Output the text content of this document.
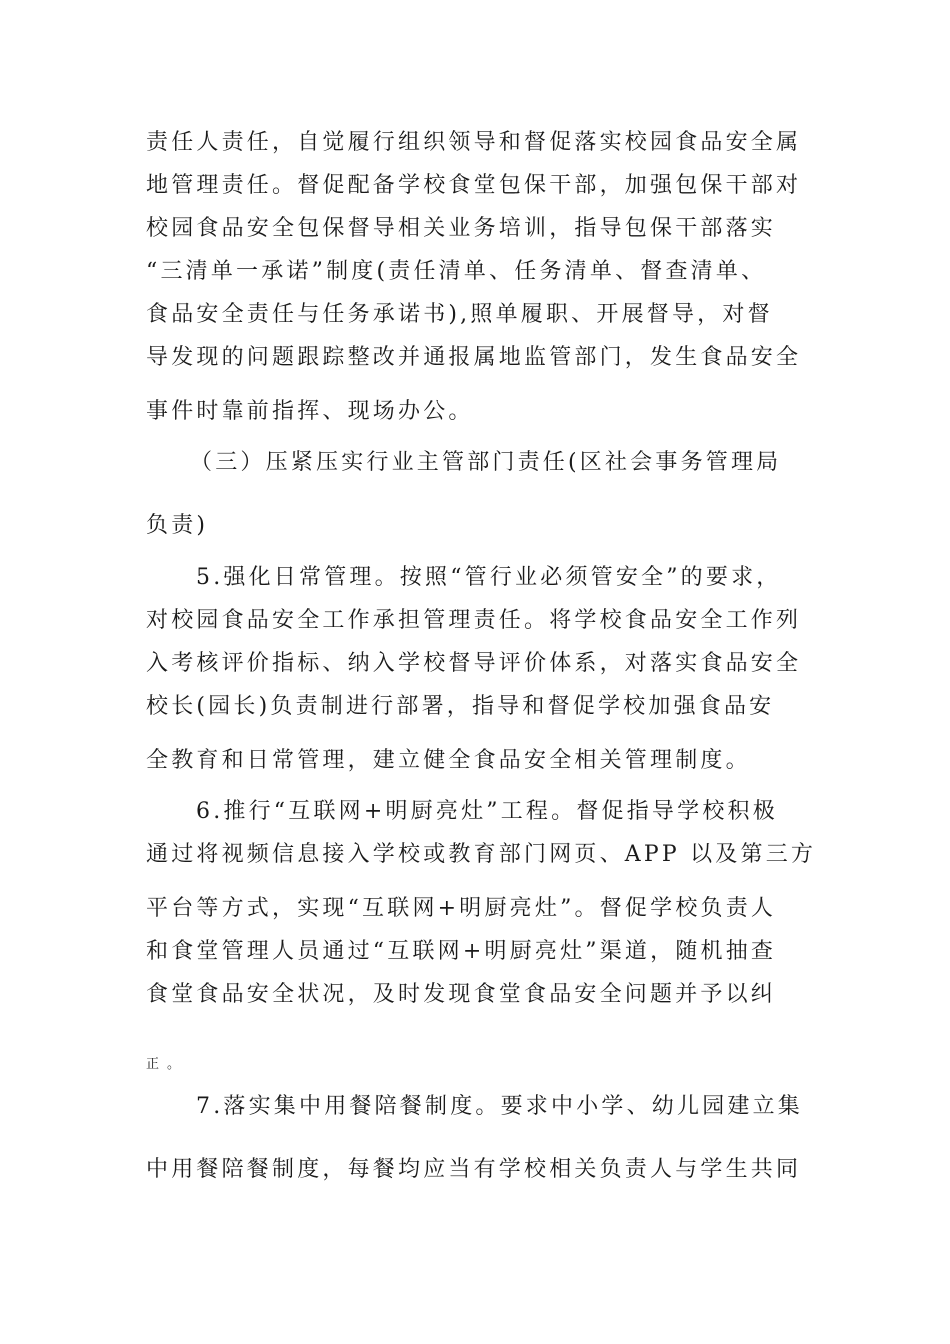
责任人责任，自觉履行组织领导和督促落实校园食品安全属
地管理责任。督促配备学校食堂包保干部，加强包保干部对
校园食品安全包保督导相关业务培训，指导包保干部落实
“三清单一承诺”制度(责任清单、任务清单、督查清单、
食品安全责任与任务承诺书),照单履职、开展督导，对督
导发现的问题跟踪整改并通报属地监管部门，发生食品安全
事件时靠前指挥、现场办公。
（三）压紧压实行业主管部门责任(区社会事务管理局
负责)
5.强化日常管理。按照“管行业必须管安全”的要求，
对校园食品安全工作承担管理责任。将学校食品安全工作列
入考核评价指标、纳入学校督导评价体系，对落实食品安全
校长(园长)负责制进行部署，指导和督促学校加强食品安
全教育和日常管理，建立健全食品安全相关管理制度。
6.推行“互联网+明厨亮灶”工程。督促指导学校积极
通过将视频信息接入学校或教育部门网页、APP 以及第三方
平台等方式，实现“互联网+明厨亮灶”。督促学校负责人
和食堂管理人员通过“互联网+明厨亮灶”渠道，随机抽查
食堂食品安全状况，及时发现食堂食品安全问题并予以纠
正。
7.落实集中用餐陪餐制度。要求中小学、幼儿园建立集
中用餐陪餐制度，每餐均应当有学校相关负责人与学生共同
